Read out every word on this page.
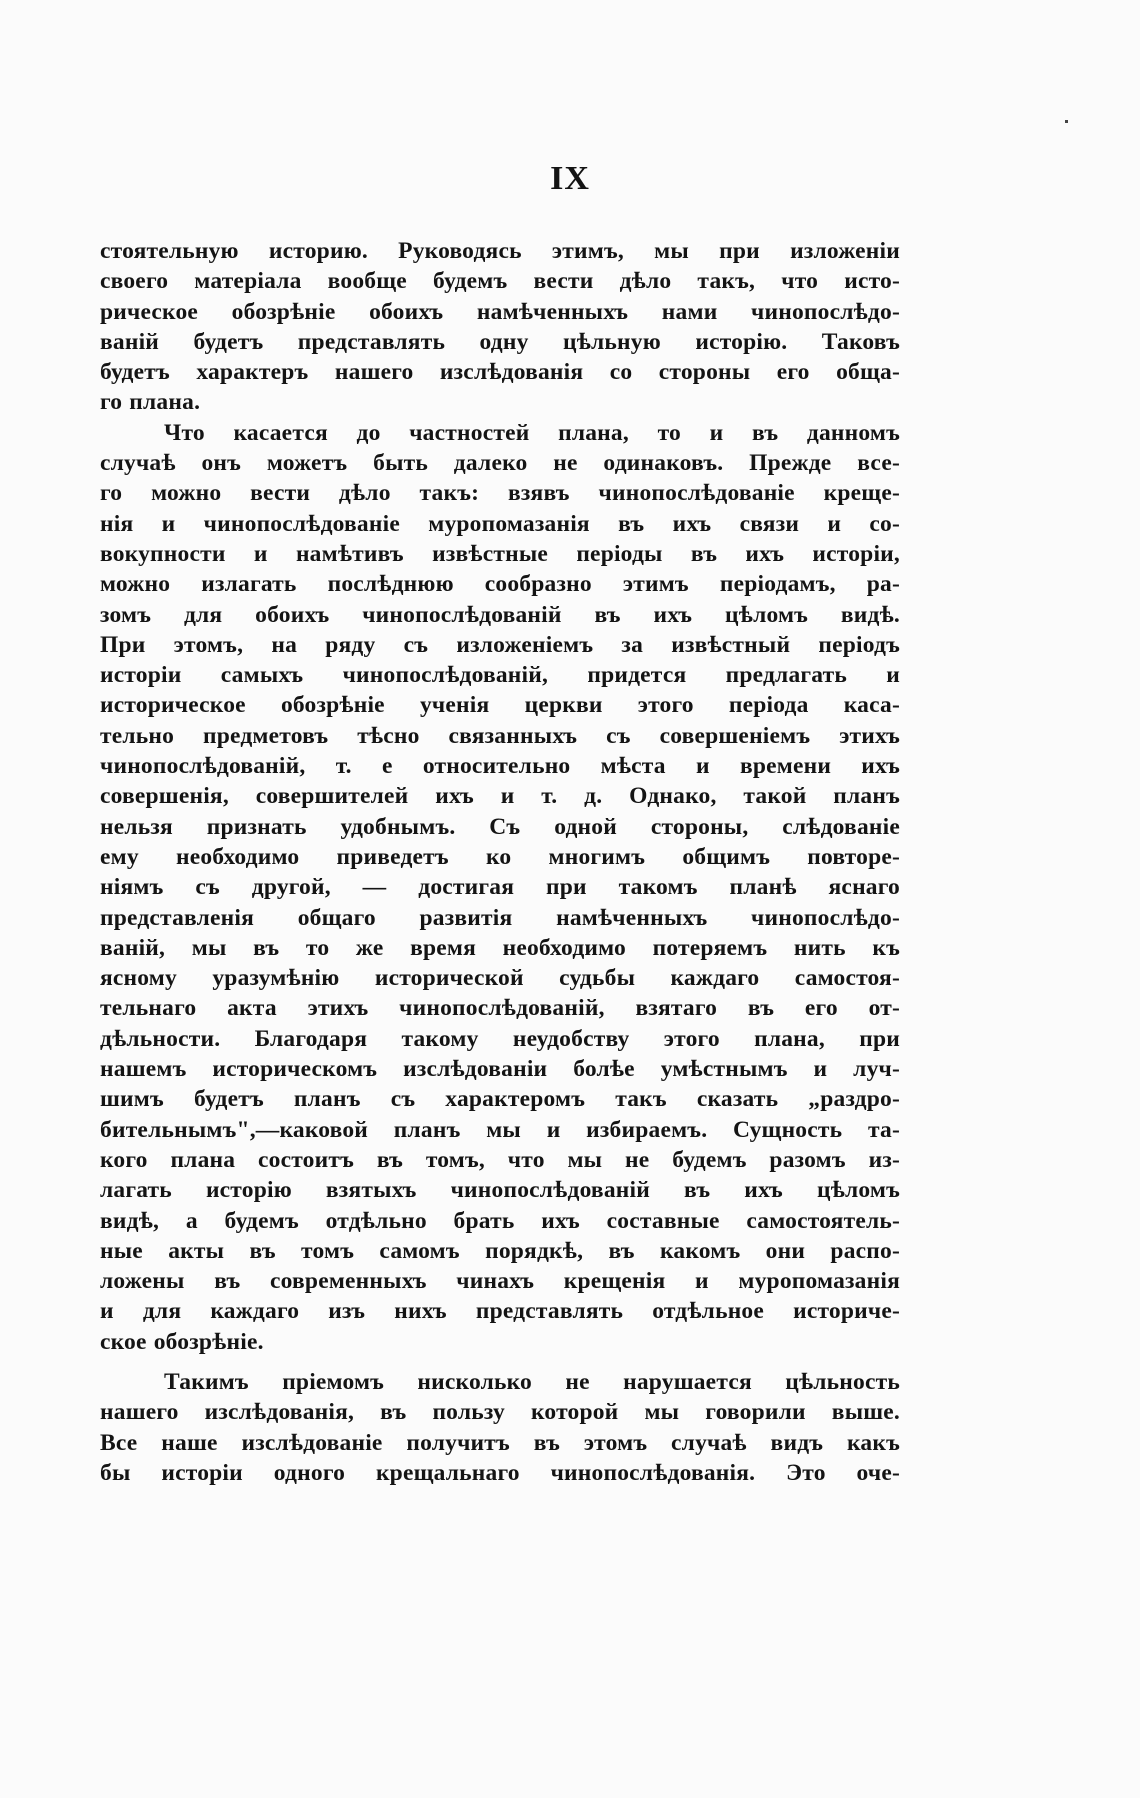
IX
стоятельную историю. Руководясь этимъ, мы при изложеніи
своего матеріала вообще будемъ вести дѣло такъ, что исто-
рическое обозрѣніе обоихъ намѣченныхъ нами чинопослѣдо-
ваній будетъ представлять одну цѣльную исторію. Таковъ
будетъ характеръ нашего изслѣдованія со стороны его общa-
го плана.
Что касается до частностей плана, то и въ данномъ
случаѣ онъ можетъ быть далеко не одинаковъ. Прежде все-
го можно вести дѣло такъ: взявъ чинопослѣдованіе креще-
нія и чинопослѣдованіе муропомазанія въ ихъ связи и со-
вокупности и намѣтивъ извѣстные періоды въ ихъ исторіи,
можно излагать послѣднюю сообразно этимъ періодамъ, ра-
зомъ для обоихъ чинопослѣдованій въ ихъ цѣломъ видѣ.
При этомъ, на ряду съ изложеніемъ за извѣстный періодъ
исторіи самыхъ чинопослѣдованій, придется предлагать и
историческое обозрѣніе ученія церкви этого періода каса-
тельно предметовъ тѣсно связанныхъ съ совершеніемъ этихъ
чинопослѣдованій, т. е относительно мѣста и времени ихъ
совершенія, совершителей ихъ и т. д. Однако, такой планъ
нельзя признать удобнымъ. Съ одной стороны, слѣдованіе
ему необходимо приведетъ ко многимъ общимъ повторе-
ніямъ съ другой, — достигая при такомъ планѣ яснаго
представленія общаго развитія намѣченныхъ чинопослѣдо-
ваній, мы въ то же время необходимо потеряемъ нить къ
ясному уразумѣнію исторической судьбы каждаго самостоя-
тельнаго акта этихъ чинопослѣдованій, взятаго въ его от-
дѣльности. Благодаря такому неудобству этого плана, при
нашемъ историческомъ изслѣдованіи болѣе умѣстнымъ и луч-
шимъ будетъ планъ съ характеромъ такъ сказать „раздро-
бительнымъ",—каковой планъ мы и избираемъ. Сущность та-
кого плана состоитъ въ томъ, что мы не будемъ разомъ из-
лагать исторію взятыхъ чинопослѣдованій въ ихъ цѣломъ
видѣ, а будемъ отдѣльно брать ихъ составные самостоятель-
ные акты въ томъ самомъ порядкѣ, въ какомъ они распо-
ложены въ современныхъ чинахъ крещенія и муропомазанія
и для каждаго изъ нихъ представлять отдѣльное историче-
ское обозрѣніе.
Такимъ пріемомъ нисколько не нарушается цѣльность
нашего изслѣдованія, въ пользу которой мы говорили выше.
Все наше изслѣдованіе получитъ въ этомъ случаѣ видъ какъ
бы исторіи одного крещальнаго чинопослѣдованія. Это оче-
